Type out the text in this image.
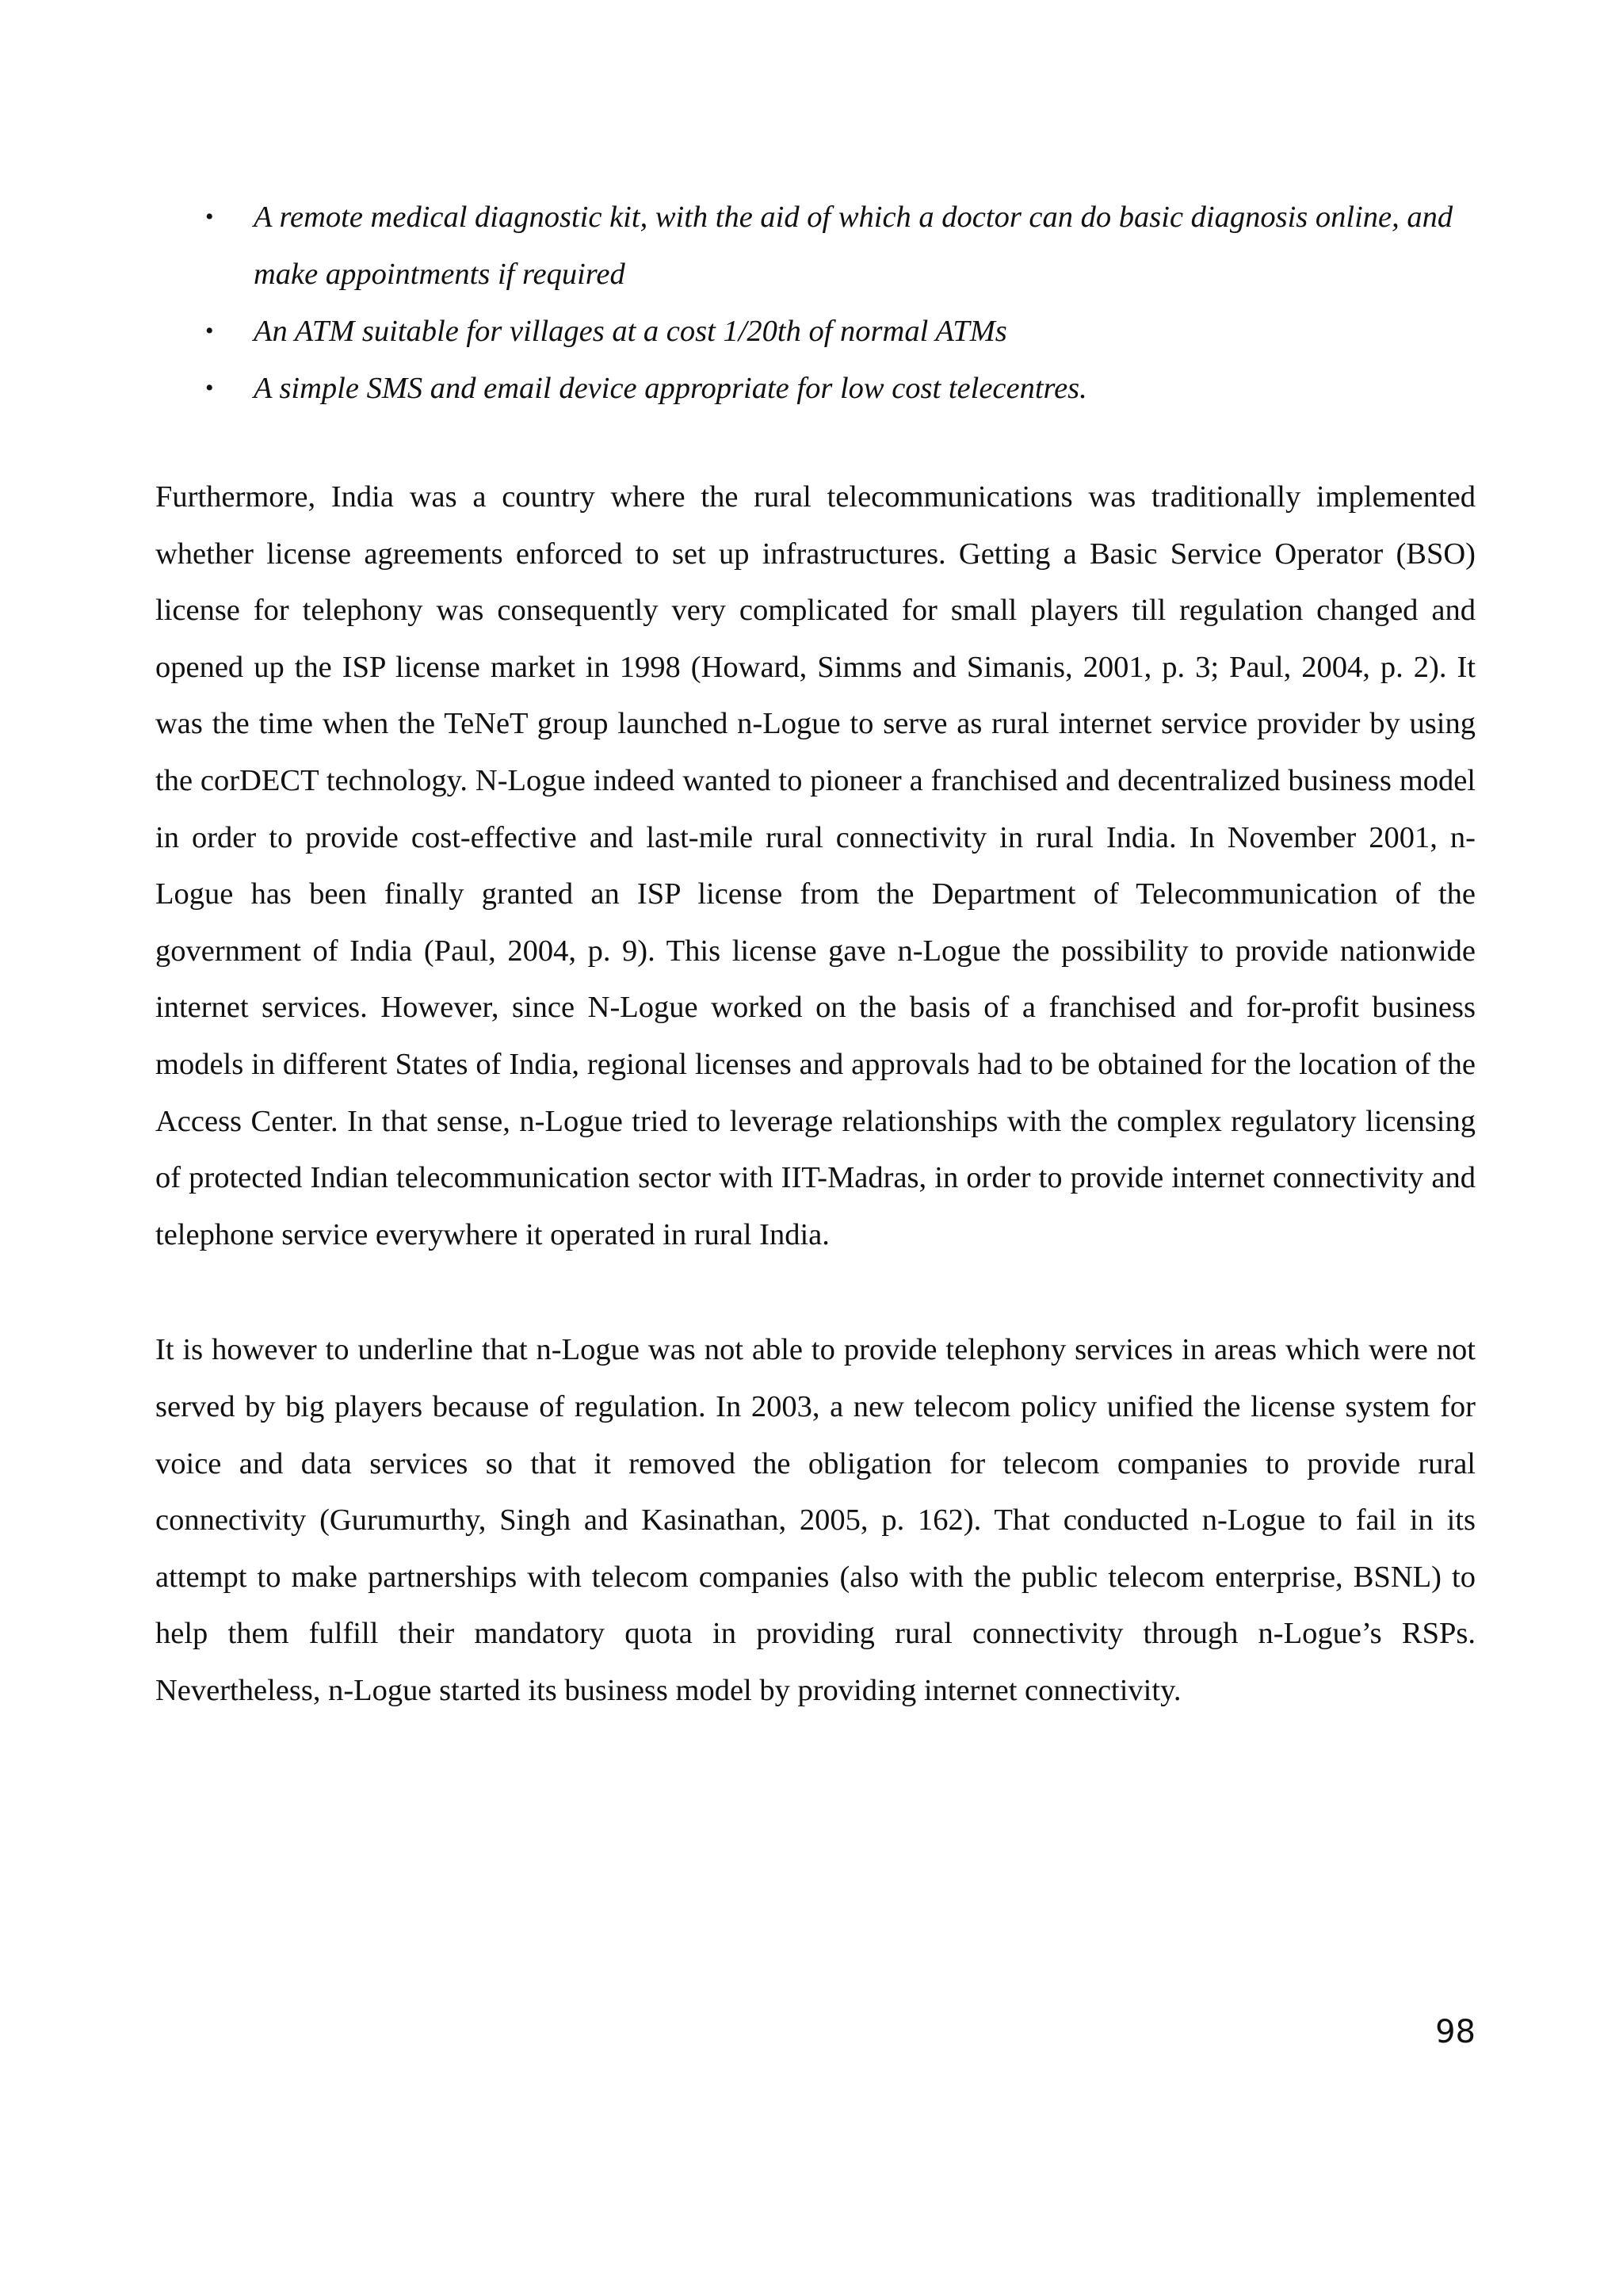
• A remote medical diagnostic kit, with the aid of which a doctor can do basic diagnosis online, and make appointments if required
• An ATM suitable for villages at a cost 1/20th of normal ATMs
• A simple SMS and email device appropriate for low cost telecentres.

Furthermore, India was a country where the rural telecommunications was traditionally implemented whether license agreements enforced to set up infrastructures. Getting a Basic Service Operator (BSO) license for telephony was consequently very complicated for small players till regulation changed and opened up the ISP license market in 1998 (Howard, Simms and Simanis, 2001, p. 3; Paul, 2004, p. 2). It was the time when the TeNeT group launched n-Logue to serve as rural internet service provider by using the corDECT technology. N-Logue indeed wanted to pioneer a franchised and decentralized business model in order to provide cost-effective and last-mile rural connectivity in rural India. In November 2001, n-Logue has been finally granted an ISP license from the Department of Telecommunication of the government of India (Paul, 2004, p. 9). This license gave n-Logue the possibility to provide nationwide internet services. However, since N-Logue worked on the basis of a franchised and for-profit business models in different States of India, regional licenses and approvals had to be obtained for the location of the Access Center. In that sense, n-Logue tried to leverage relationships with the complex regulatory licensing of protected Indian telecommunication sector with IIT-Madras, in order to provide internet connectivity and telephone service everywhere it operated in rural India.

It is however to underline that n-Logue was not able to provide telephony services in areas which were not served by big players because of regulation. In 2003, a new telecom policy unified the license system for voice and data services so that it removed the obligation for telecom companies to provide rural connectivity (Gurumurthy, Singh and Kasinathan, 2005, p. 162). That conducted n-Logue to fail in its attempt to make partnerships with telecom companies (also with the public telecom enterprise, BSNL) to help them fulfill their mandatory quota in providing rural connectivity through n-Logue’s RSPs. Nevertheless, n-Logue started its business model by providing internet connectivity.

98
